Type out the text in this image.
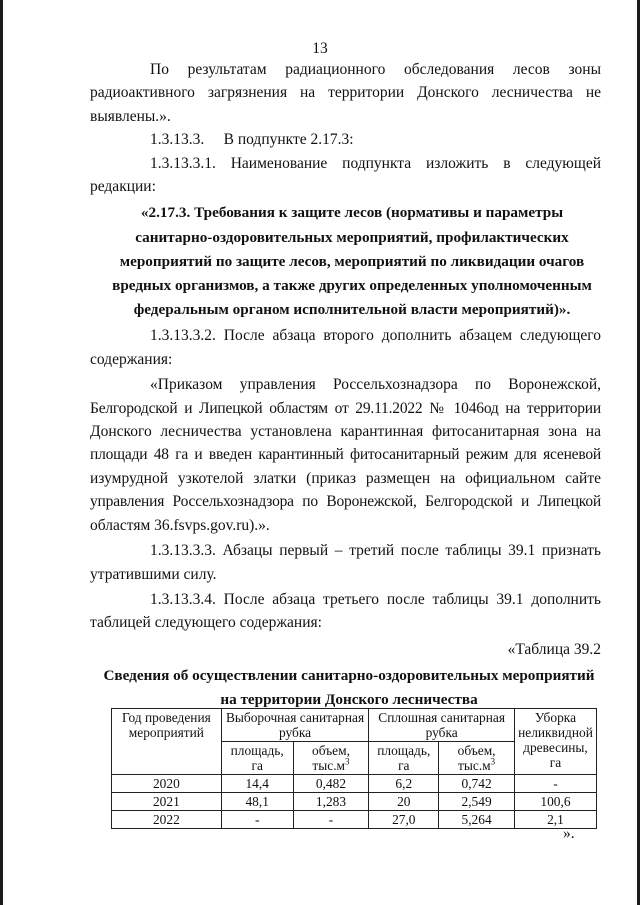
13

По результатам радиационного обследования лесов зоны

радиоактивного загрязнения на территории Донского лесничества не

выявлены.».

1.3.13.3.     В подпункте 2.17.3:

1.3.13.3.1. Наименование подпункта изложить в следующей

редакции:

«2.17.3. Требования к защите лесов (нормативы и параметры

санитарно-оздоровительных мероприятий, профилактических

мероприятий по защите лесов, мероприятий по ликвидации очагов

вредных организмов, а также других определенных уполномоченным

федеральным органом исполнительной власти мероприятий)».

1.3.13.3.2. После абзаца второго дополнить абзацем следующего

содержания:

«Приказом управления Россельхознадзора по Воронежской,

Белгородской и Липецкой областям от 29.11.2022 № 1046од на территории

Донского лесничества установлена карантинная фитосанитарная зона на

площади 48 га и введен карантинный фитосанитарный режим для ясеневой

изумрудной узкотелой златки (приказ размещен на официальном сайте

управления Россельхознадзора по Воронежской, Белгородской и Липецкой

областям 36.fsvps.gov.ru).».

1.3.13.3.3. Абзацы первый – третий после таблицы 39.1 признать

утратившими силу.

1.3.13.3.4. После абзаца третьего после таблицы 39.1 дополнить

таблицей следующего содержания:

«Таблица 39.2

Сведения об осуществлении санитарно-оздоровительных мероприятий

на территории Донского лесничества

Год проведения мероприятий	Выборочная санитарная рубка		Сплошная санитарная рубка		Уборка неликвидной древесины, га
	площадь, га	объем, $тыс.м^3$	площадь, га	объем, $тыс.м^3$
2020	14,4	0,482	6,2	0,742	-
2021	48,1	1,283	20	2,549	100,6
2022	-	-	27,0	5,264	2,1
».
